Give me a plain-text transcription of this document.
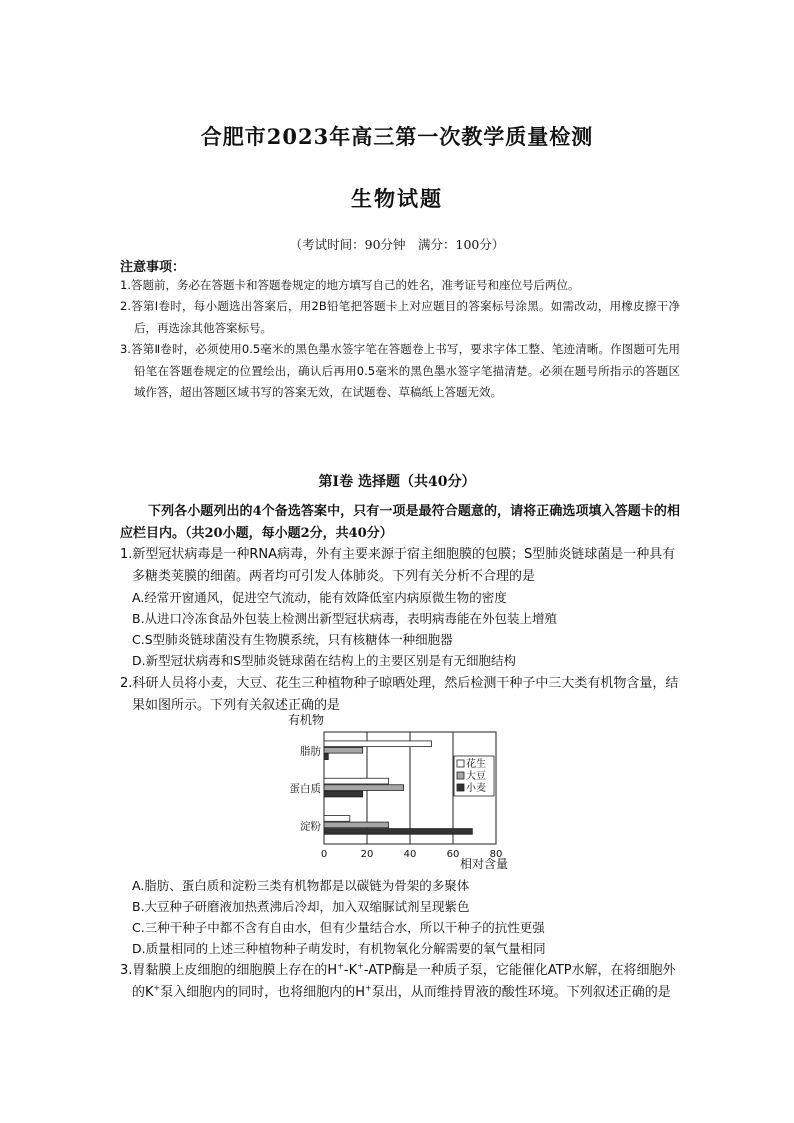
合肥市2023年高三第一次教学质量检测
生物试题
（考试时间：90分钟　满分：100分）
注意事项：
1.答题前，务必在答题卡和答题卷规定的地方填写自己的姓名，准考证号和座位号后两位。
2.答第Ⅰ卷时，每小题选出答案后，用2B铅笔把答题卡上对应题目的答案标号涂黑。如需改动，用橡皮擦干净后，再选涂其他答案标号。
3.答第Ⅱ卷时，必须使用0.5毫米的黑色墨水签字笔在答题卷上书写，要求字体工整、笔迹清晰。作图题可先用铅笔在答题卷规定的位置绘出，确认后再用0.5毫米的黑色墨水签字笔描清楚。必须在题号所指示的答题区域作答，超出答题区域书写的答案无效，在试题卷、草稿纸上答题无效。
第Ⅰ卷 选择题（共40分）
下列各小题列出的4个备选答案中，只有一项是最符合题意的，请将正确选项填入答题卡的相应栏目内。（共20小题，每小题2分，共40分）
1.新型冠状病毒是一种RNA病毒，外有主要来源于宿主细胞膜的包膜；S型肺炎链球菌是一种具有多糖类荚膜的细菌。两者均可引发人体肺炎。下列有关分析不合理的是
A.经常开窗通风，促进空气流动，能有效降低室内病原微生物的密度
B.从进口冷冻食品外包装上检测出新型冠状病毒，表明病毒能在外包装上增殖
C.S型肺炎链球菌没有生物膜系统，只有核糖体一种细胞器
D.新型冠状病毒和S型肺炎链球菌在结构上的主要区别是有无细胞结构
2.科研人员将小麦，大豆、花生三种植物种子晾晒处理，然后检测干种子中三大类有机物含量，结果如图所示。下列有关叙述正确的是
有机物
相对含量
脂肪
蛋白质
淀粉
0	20	40	60	80
花生
大豆
小麦
A.脂肪、蛋白质和淀粉三类有机物都是以碳链为骨架的多聚体
B.大豆种子研磨液加热煮沸后冷却，加入双缩脲试剂呈现紫色
C.三种干种子中都不含有自由水，但有少量结合水，所以干种子的抗性更强
D.质量相同的上述三种植物种子萌发时，有机物氧化分解需要的氧气量相同
3.胃黏膜上皮细胞的细胞膜上存在的H+-K+-ATP酶是一种质子泵，它能催化ATP水解，在将细胞外的K+泵入细胞内的同时，也将细胞内的H+泵出，从而维持胃液的酸性环境。下列叙述正确的是
